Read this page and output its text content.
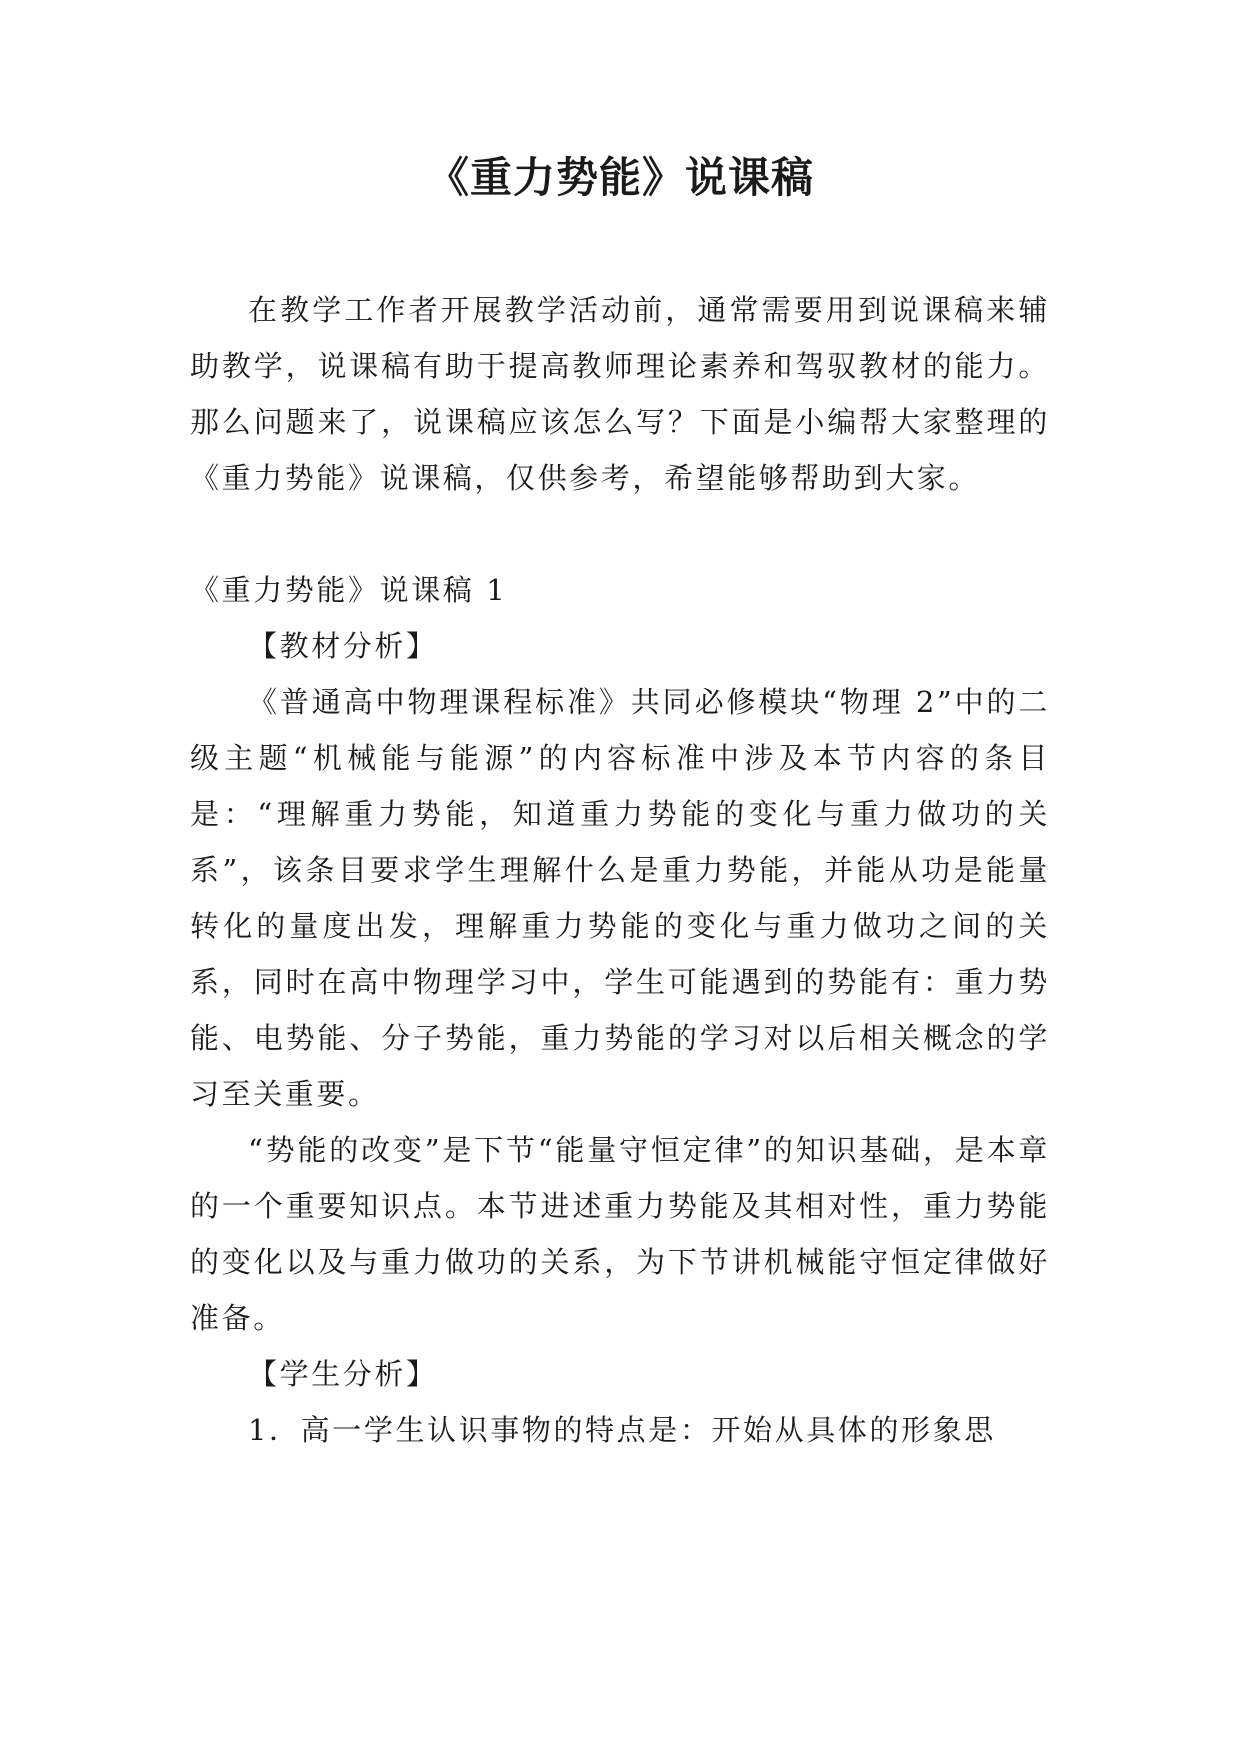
《重力势能》说课稿

在教学工作者开展教学活动前，通常需要用到说课稿来辅助教学，说课稿有助于提高教师理论素养和驾驭教材的能力。那么问题来了，说课稿应该怎么写？下面是小编帮大家整理的《重力势能》说课稿，仅供参考，希望能够帮助到大家。

《重力势能》说课稿 1

【教材分析】

《普通高中物理课程标准》共同必修模块“物理 2”中的二级主题“机械能与能源”的内容标准中涉及本节内容的条目是：“理解重力势能，知道重力势能的变化与重力做功的关系”，该条目要求学生理解什么是重力势能，并能从功是能量转化的量度出发，理解重力势能的变化与重力做功之间的关系，同时在高中物理学习中，学生可能遇到的势能有：重力势能、电势能、分子势能，重力势能的学习对以后相关概念的学习至关重要。

“势能的改变”是下节“能量守恒定律”的知识基础，是本章的一个重要知识点。本节进述重力势能及其相对性，重力势能的变化以及与重力做功的关系，为下节讲机械能守恒定律做好准备。

【学生分析】

1．高一学生认识事物的特点是：开始从具体的形象思
